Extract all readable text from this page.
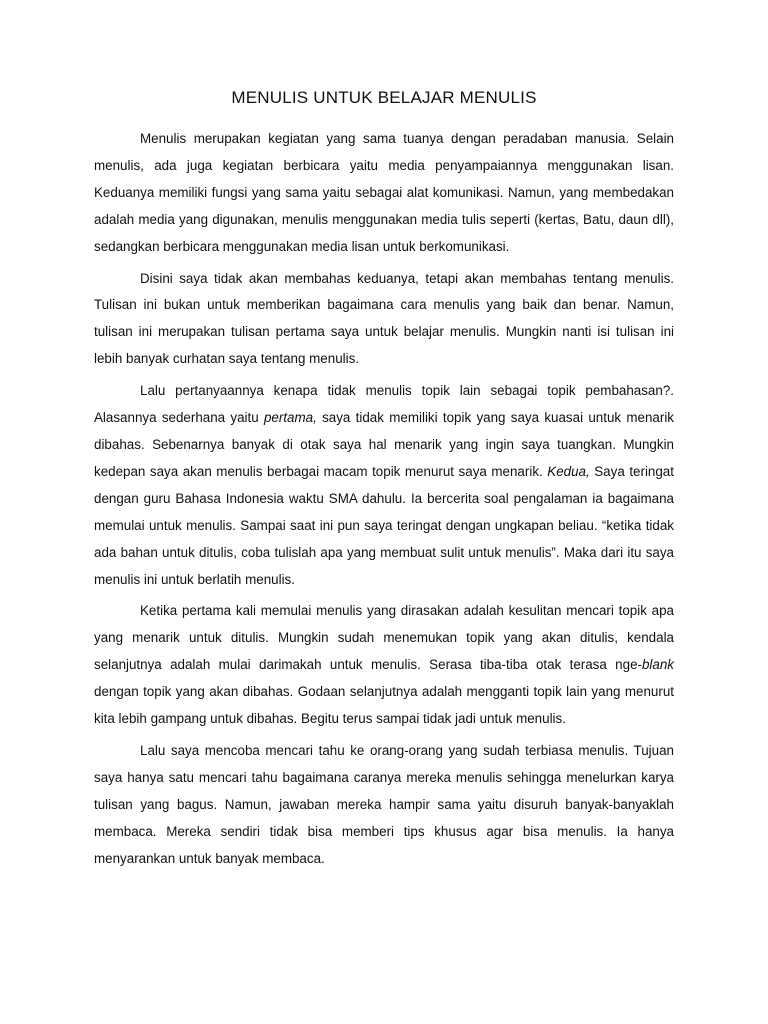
MENULIS UNTUK BELAJAR MENULIS

Menulis merupakan kegiatan yang sama tuanya dengan peradaban manusia. Selain menulis, ada juga kegiatan berbicara yaitu media penyampaiannya menggunakan lisan. Keduanya memiliki fungsi yang sama yaitu sebagai alat komunikasi. Namun, yang membedakan adalah media yang digunakan, menulis menggunakan media tulis seperti (kertas, Batu, daun dll), sedangkan berbicara menggunakan media lisan untuk berkomunikasi.

Disini saya tidak akan membahas keduanya, tetapi akan membahas tentang menulis. Tulisan ini bukan untuk memberikan bagaimana cara menulis yang baik dan benar. Namun, tulisan ini merupakan tulisan pertama saya untuk belajar menulis. Mungkin nanti isi tulisan ini lebih banyak curhatan saya tentang menulis.

Lalu pertanyaannya kenapa tidak menulis topik lain sebagai topik pembahasan?. Alasannya sederhana yaitu pertama, saya tidak memiliki topik yang saya kuasai untuk menarik dibahas. Sebenarnya banyak di otak saya hal menarik yang ingin saya tuangkan. Mungkin kedepan saya akan menulis berbagai macam topik menurut saya menarik. Kedua, Saya teringat dengan guru Bahasa Indonesia waktu SMA dahulu. Ia bercerita soal pengalaman ia bagaimana memulai untuk menulis. Sampai saat ini pun saya teringat dengan ungkapan beliau. “ketika tidak ada bahan untuk ditulis, coba tulislah apa yang membuat sulit untuk menulis”. Maka dari itu saya menulis ini untuk berlatih menulis.

Ketika pertama kali memulai menulis yang dirasakan adalah kesulitan mencari topik apa yang menarik untuk ditulis. Mungkin sudah menemukan topik yang akan ditulis, kendala selanjutnya adalah mulai darimakah untuk menulis. Serasa tiba-tiba otak terasa nge-blank dengan topik yang akan dibahas. Godaan selanjutnya adalah mengganti topik lain yang menurut kita lebih gampang untuk dibahas. Begitu terus sampai tidak jadi untuk menulis.

Lalu saya mencoba mencari tahu ke orang-orang yang sudah terbiasa menulis. Tujuan saya hanya satu mencari tahu bagaimana caranya mereka menulis sehingga menelurkan karya tulisan yang bagus. Namun, jawaban mereka hampir sama yaitu disuruh banyak-banyaklah membaca. Mereka sendiri tidak bisa memberi tips khusus agar bisa menulis. Ia hanya menyarankan untuk banyak membaca.
